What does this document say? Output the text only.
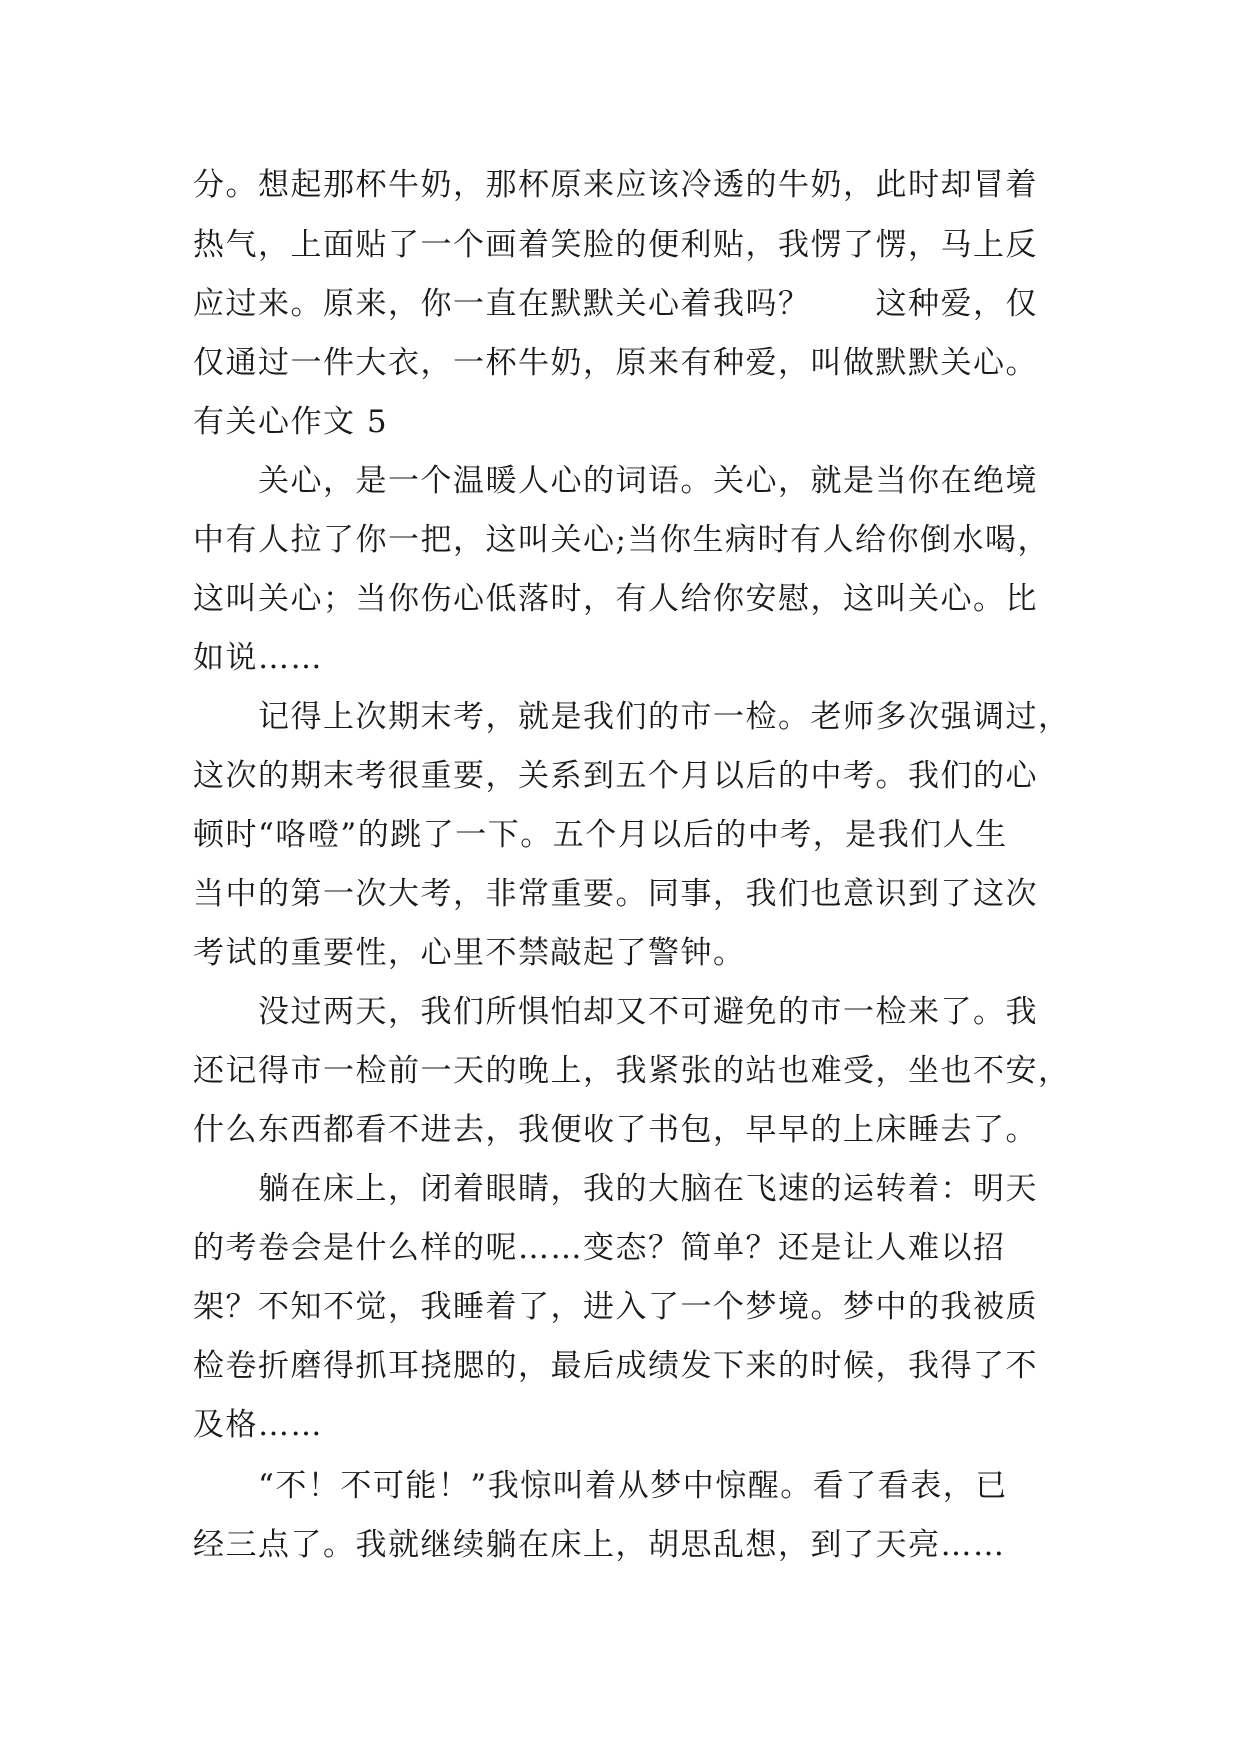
分。想起那杯牛奶，那杯原来应该冷透的牛奶，此时却冒着
热气，上面贴了一个画着笑脸的便利贴，我愣了愣，马上反
应过来。原来，你一直在默默关心着我吗？　　这种爱，仅
仅通过一件大衣，一杯牛奶，原来有种爱，叫做默默关心。
有关心作文 5
　　关心，是一个温暖人心的词语。关心，就是当你在绝境
中有人拉了你一把，这叫关心;当你生病时有人给你倒水喝，
这叫关心；当你伤心低落时，有人给你安慰，这叫关心。比
如说……
　　记得上次期末考，就是我们的市一检。老师多次强调过，
这次的期末考很重要，关系到五个月以后的中考。我们的心
顿时“咯噔”的跳了一下。五个月以后的中考，是我们人生
当中的第一次大考，非常重要。同事，我们也意识到了这次
考试的重要性，心里不禁敲起了警钟。
　　没过两天，我们所惧怕却又不可避免的市一检来了。我
还记得市一检前一天的晚上，我紧张的站也难受，坐也不安，
什么东西都看不进去，我便收了书包，早早的上床睡去了。
　　躺在床上，闭着眼睛，我的大脑在飞速的运转着：明天
的考卷会是什么样的呢……变态？简单？还是让人难以招
架？不知不觉，我睡着了，进入了一个梦境。梦中的我被质
检卷折磨得抓耳挠腮的，最后成绩发下来的时候，我得了不
及格……
　　“不！不可能！”我惊叫着从梦中惊醒。看了看表，已
经三点了。我就继续躺在床上，胡思乱想，到了天亮……
